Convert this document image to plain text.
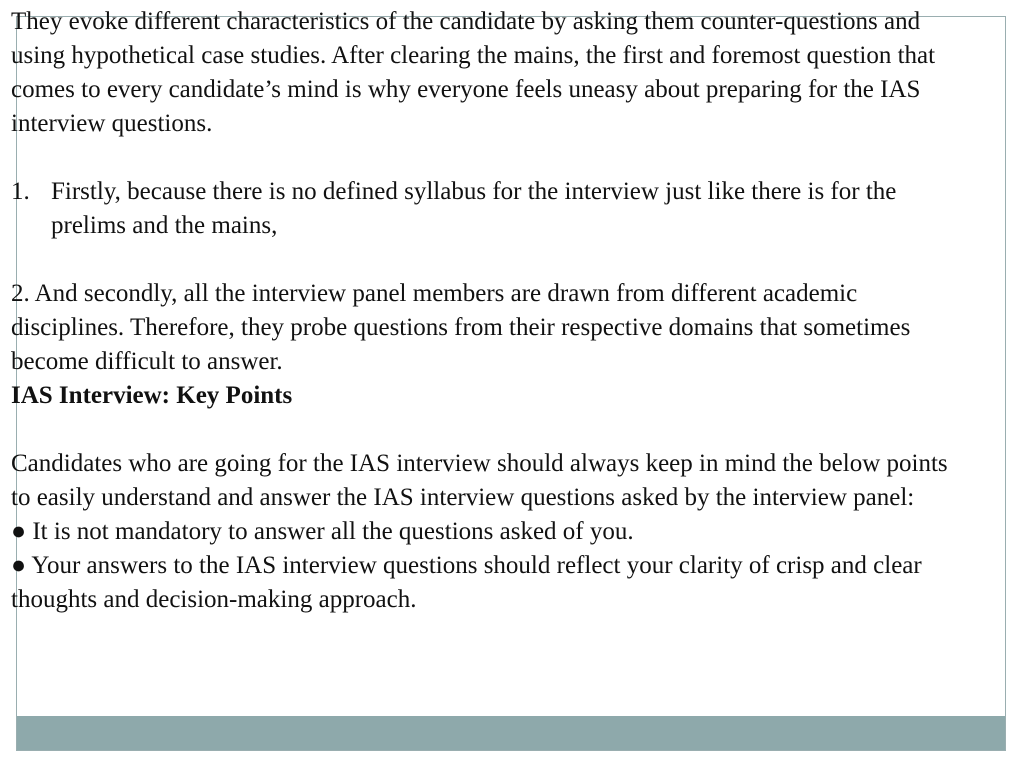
They evoke different characteristics of the candidate by asking them counter-questions and using hypothetical case studies. After clearing the mains, the first and foremost question that comes to every candidate’s mind is why everyone feels uneasy about preparing for the IAS interview questions.

1. Firstly, because there is no defined syllabus for the interview just like there is for the prelims and the mains,

2. And secondly, all the interview panel members are drawn from different academic disciplines. Therefore, they probe questions from their respective domains that sometimes become difficult to answer.

IAS Interview: Key Points

Candidates who are going for the IAS interview should always keep in mind the below points to easily understand and answer the IAS interview questions asked by the interview panel:

● It is not mandatory to answer all the questions asked of you.

● Your answers to the IAS interview questions should reflect your clarity of crisp and clear thoughts and decision-making approach.
